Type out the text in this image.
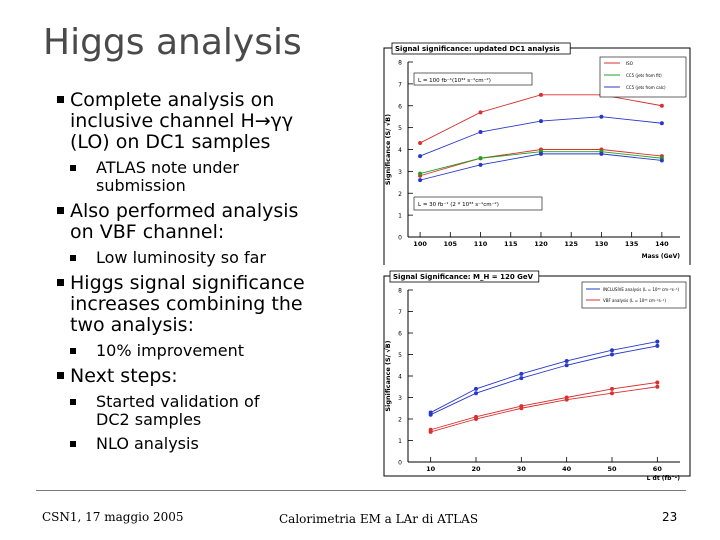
Higgs analysis
Complete analysis on
inclusive channel H→γγ
(LO) on DC1 samples
ATLAS note under
submission
Also performed analysis
on VBF channel:
Low luminosity so far
Higgs signal significance
increases combining the
two analysis:
10% improvement
Next steps:
Started validation of
DC2 samples
NLO analysis
Signal significance: updated DC1 analysis
0
1
2
3
4
5
6
7
8
100	105	110	115	120	125	130	135	140
Mass (GeV)
Significance (S/ √B)
ISO
CC5 (jets from fit)
CC5 (jets from calc)
L = 100 fb⁻¹(10³⁴ s⁻¹cm⁻²)
L = 30 fb⁻¹ (2 * 10³³ s⁻¹cm⁻²)
Signal Significance: M_H = 120 GeV
0
1
2
3
4
5
6
7
8
10	20	30	40	50	60
L dt (fb⁻¹)
Significance (S/ √B)
INCLUSIVE analysis (L = 10³³ cm⁻²s⁻¹)
VBF analysis (L = 10³³ cm⁻²s⁻¹)
CSN1, 17 maggio 2005	Calorimetria EM a LAr di ATLAS	23
